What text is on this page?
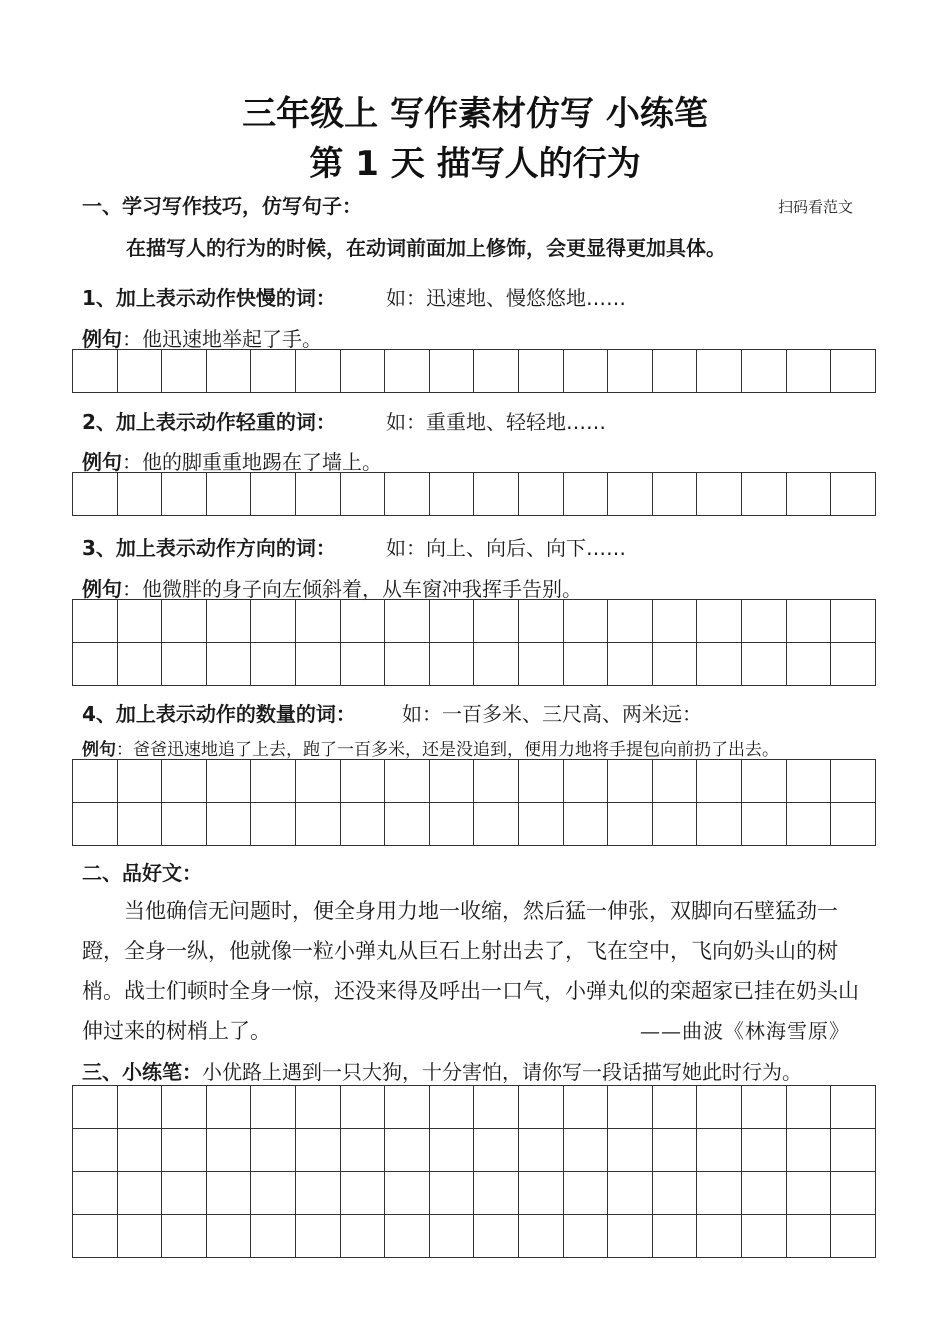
三年级上 写作素材仿写 小练笔
第 1 天 描写人的行为
一、学习写作技巧，仿写句子：	扫码看范文
在描写人的行为的时候，在动词前面加上修饰，会更显得更加具体。
1、加上表示动作快慢的词：	如：迅速地、慢悠悠地……
例句：他迅速地举起了手。

2、加上表示动作轻重的词：	如：重重地、轻轻地……
例句：他的脚重重地踢在了墙上。

3、加上表示动作方向的词：	如：向上、向后、向下……
例句：他微胖的身子向左倾斜着，从车窗冲我挥手告别。

4、加上表示动作的数量的词： 如：一百多米、三尺高、两米远：
例句：爸爸迅速地追了上去，跑了一百多米，还是没追到，便用力地将手提包向前扔了出去。

二、品好文：
当他确信无问题时，便全身用力地一收缩，然后猛一伸张，双脚向石壁猛劲一蹬，全身一纵，他就像一粒小弹丸从巨石上射出去了，飞在空中，飞向奶头山的树梢。战士们顿时全身一惊，还没来得及呼出一口气，小弹丸似的栾超家已挂在奶头山伸过来的树梢上了。	——曲波《林海雪原》
三、小练笔：小优路上遇到一只大狗，十分害怕，请你写一段话描写她此时行为。
